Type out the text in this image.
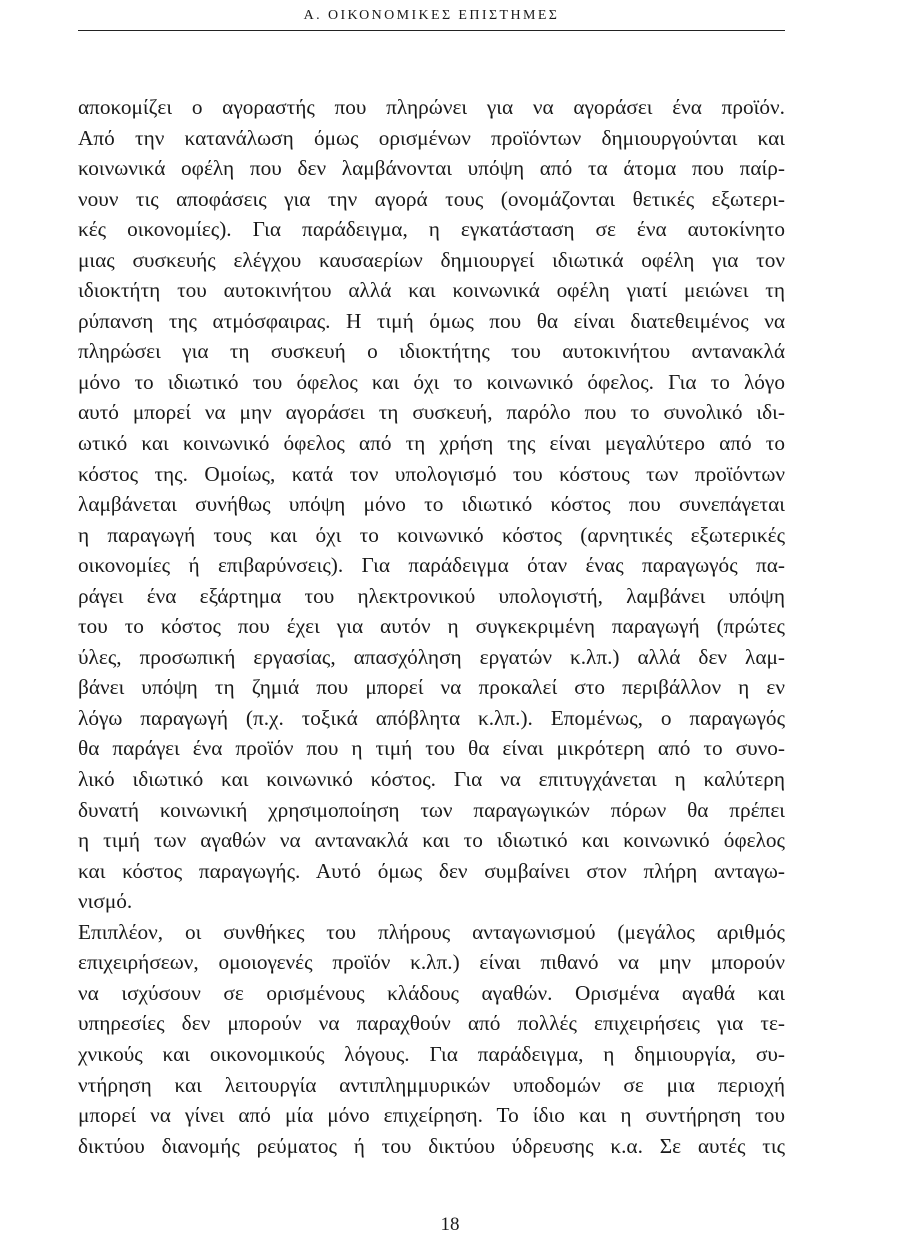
Α. ΟΙΚΟΝΟΜΙΚΕΣ ΕΠΙΣΤΗΜΕΣ
αποκομίζει ο αγοραστής που πληρώνει για να αγοράσει ένα προϊόν.
Από την κατανάλωση όμως ορισμένων προϊόντων δημιουργούνται και
κοινωνικά οφέλη που δεν λαμβάνονται υπόψη από τα άτομα που παίρ-
νουν τις αποφάσεις για την αγορά τους (ονομάζονται θετικές εξωτερι-
κές οικονομίες). Για παράδειγμα, η εγκατάσταση σε ένα αυτοκίνητο
μιας συσκευής ελέγχου καυσαερίων δημιουργεί ιδιωτικά οφέλη για τον
ιδιοκτήτη του αυτοκινήτου αλλά και κοινωνικά οφέλη γιατί μειώνει τη
ρύπανση της ατμόσφαιρας. Η τιμή όμως που θα είναι διατεθειμένος να
πληρώσει για τη συσκευή ο ιδιοκτήτης του αυτοκινήτου αντανακλά
μόνο το ιδιωτικό του όφελος και όχι το κοινωνικό όφελος. Για το λόγο
αυτό μπορεί να μην αγοράσει τη συσκευή, παρόλο που το συνολικό ιδι-
ωτικό και κοινωνικό όφελος από τη χρήση της είναι μεγαλύτερο από το
κόστος της. Ομοίως, κατά τον υπολογισμό του κόστους των προϊόντων
λαμβάνεται συνήθως υπόψη μόνο το ιδιωτικό κόστος που συνεπάγεται
η παραγωγή τους και όχι το κοινωνικό κόστος (αρνητικές εξωτερικές
οικονομίες ή επιβαρύνσεις). Για παράδειγμα όταν ένας παραγωγός πα-
ράγει ένα εξάρτημα του ηλεκτρονικού υπολογιστή, λαμβάνει υπόψη
του το κόστος που έχει για αυτόν η συγκεκριμένη παραγωγή (πρώτες
ύλες, προσωπική εργασίας, απασχόληση εργατών κ.λπ.) αλλά δεν λαμ-
βάνει υπόψη τη ζημιά που μπορεί να προκαλεί στο περιβάλλον η εν
λόγω παραγωγή (π.χ. τοξικά απόβλητα κ.λπ.). Επομένως, ο παραγωγός
θα παράγει ένα προϊόν που η τιμή του θα είναι μικρότερη από το συνο-
λικό ιδιωτικό και κοινωνικό κόστος. Για να επιτυγχάνεται η καλύτερη
δυνατή κοινωνική χρησιμοποίηση των παραγωγικών πόρων θα πρέπει
η τιμή των αγαθών να αντανακλά και το ιδιωτικό και κοινωνικό όφελος
και κόστος παραγωγής. Αυτό όμως δεν συμβαίνει στον πλήρη ανταγω-
νισμό.
Επιπλέον, οι συνθήκες του πλήρους ανταγωνισμού (μεγάλος αριθμός
επιχειρήσεων, ομοιογενές προϊόν κ.λπ.) είναι πιθανό να μην μπορούν
να ισχύσουν σε ορισμένους κλάδους αγαθών. Ορισμένα αγαθά και
υπηρεσίες δεν μπορούν να παραχθούν από πολλές επιχειρήσεις για τε-
χνικούς και οικονομικούς λόγους. Για παράδειγμα, η δημιουργία, συ-
ντήρηση και λειτουργία αντιπλημμυρικών υποδομών σε μια περιοχή
μπορεί να γίνει από μία μόνο επιχείρηση. Το ίδιο και η συντήρηση του
δικτύου διανομής ρεύματος ή του δικτύου ύδρευσης κ.α. Σε αυτές τις
18
